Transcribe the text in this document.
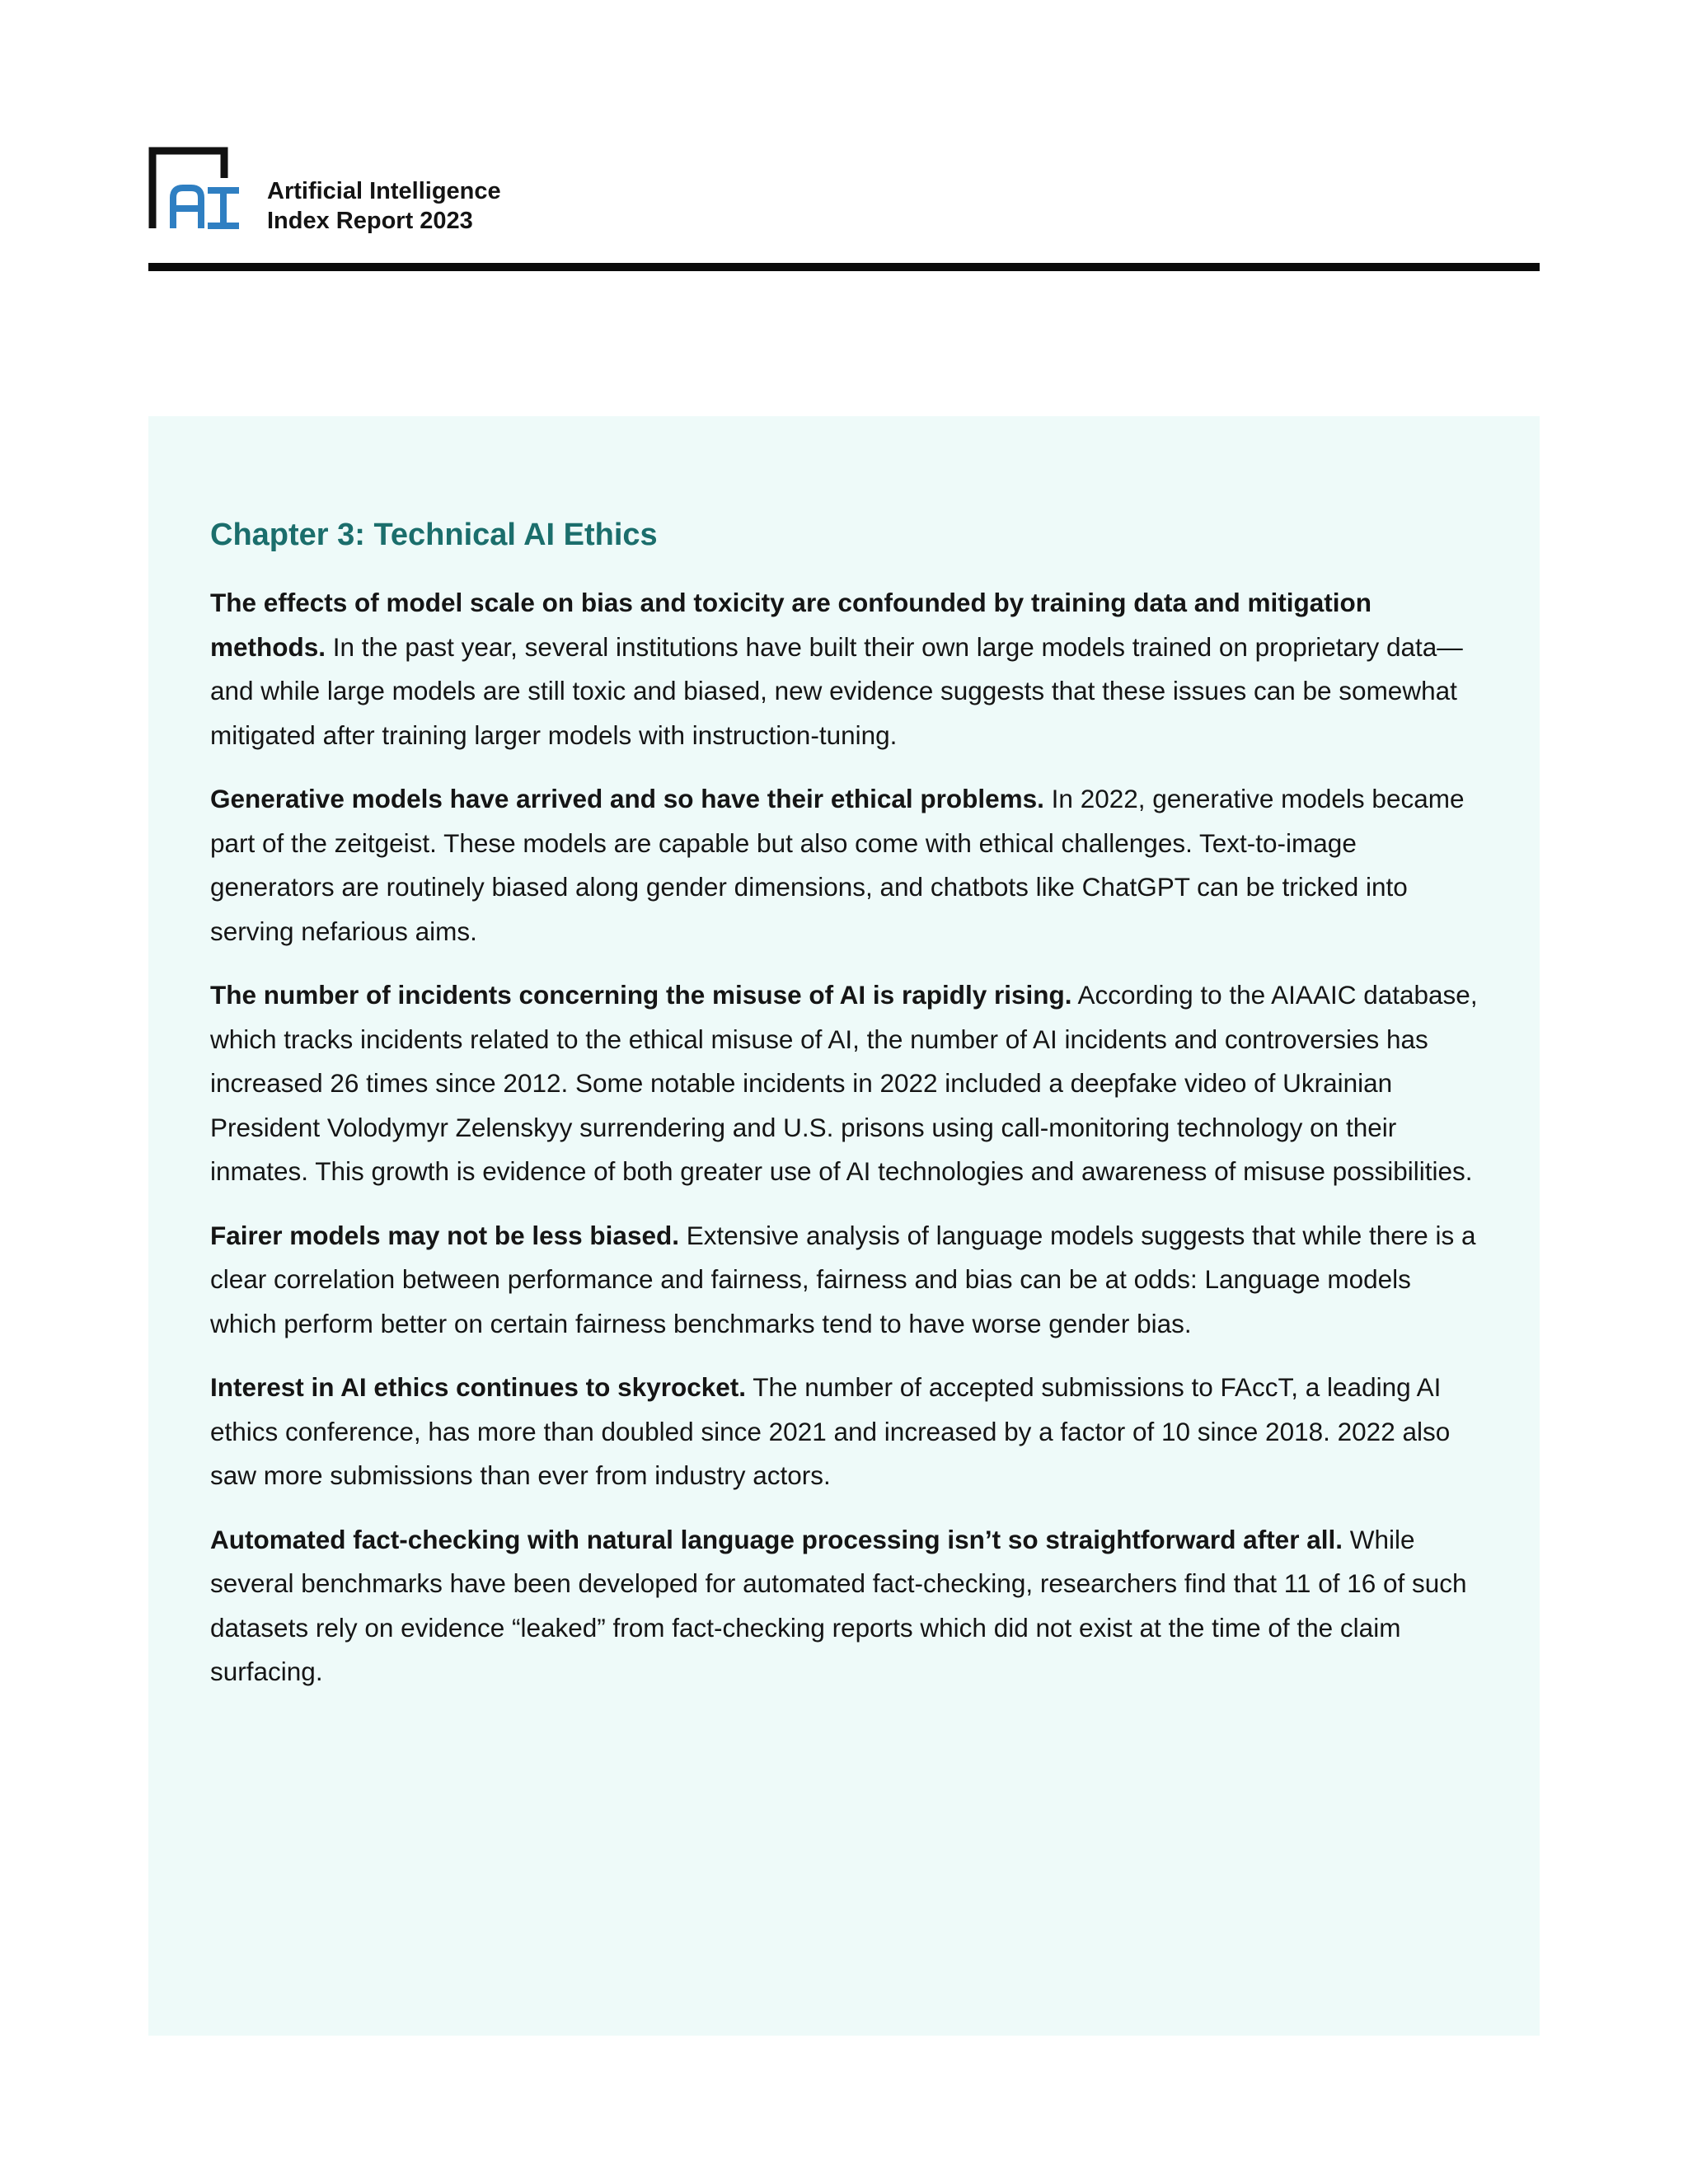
Artificial Intelligence
Index Report 2023
Chapter 3: Technical AI Ethics

The effects of model scale on bias and toxicity are confounded by training data and mitigation methods. In the past year, several institutions have built their own large models trained on proprietary data—and while large models are still toxic and biased, new evidence suggests that these issues can be somewhat mitigated after training larger models with instruction-tuning.

Generative models have arrived and so have their ethical problems. In 2022, generative models became part of the zeitgeist. These models are capable but also come with ethical challenges. Text-to-image generators are routinely biased along gender dimensions, and chatbots like ChatGPT can be tricked into serving nefarious aims.

The number of incidents concerning the misuse of AI is rapidly rising. According to the AIAAIC database, which tracks incidents related to the ethical misuse of AI, the number of AI incidents and controversies has increased 26 times since 2012. Some notable incidents in 2022 included a deepfake video of Ukrainian President Volodymyr Zelenskyy surrendering and U.S. prisons using call-monitoring technology on their inmates. This growth is evidence of both greater use of AI technologies and awareness of misuse possibilities.

Fairer models may not be less biased. Extensive analysis of language models suggests that while there is a clear correlation between performance and fairness, fairness and bias can be at odds: Language models which perform better on certain fairness benchmarks tend to have worse gender bias.

Interest in AI ethics continues to skyrocket. The number of accepted submissions to FAccT, a leading AI ethics conference, has more than doubled since 2021 and increased by a factor of 10 since 2018. 2022 also saw more submissions than ever from industry actors.

Automated fact-checking with natural language processing isn’t so straightforward after all. While several benchmarks have been developed for automated fact-checking, researchers find that 11 of 16 of such datasets rely on evidence “leaked” from fact-checking reports which did not exist at the time of the claim surfacing.
